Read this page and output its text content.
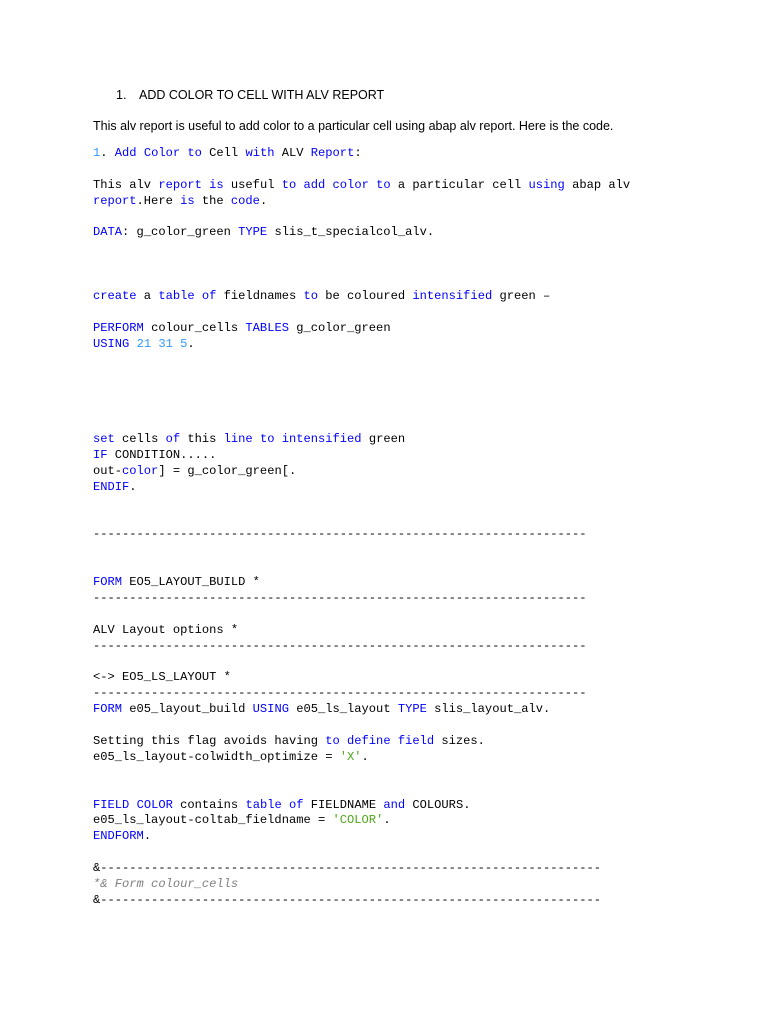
1. ADD COLOR TO CELL WITH ALV REPORT
This alv report is useful to add color to a particular cell using abap alv report. Here is the code.
1. Add Color to Cell with ALV Report:

This alv report is useful to add color to a particular cell using abap alv
report.Here is the code.

DATA: g_color_green TYPE slis_t_specialcol_alv.

create a table of fieldnames to be coloured intensified green –

PERFORM colour_cells TABLES g_color_green
USING 21 31 5.

set cells of this line to intensified green
IF CONDITION.....
out-color] = g_color_green[.
ENDIF.

--------------------------------------------------------------------

FORM EO5_LAYOUT_BUILD *
--------------------------------------------------------------------

ALV Layout options *
--------------------------------------------------------------------

<-> EO5_LS_LAYOUT *
--------------------------------------------------------------------
FORM e05_layout_build USING e05_ls_layout TYPE slis_layout_alv.

Setting this flag avoids having to define field sizes.
e05_ls_layout-colwidth_optimize = 'X'.

FIELD COLOR contains table of FIELDNAME and COLOURS.
e05_ls_layout-coltab_fieldname = 'COLOR'.
ENDFORM.

&---------------------------------------------------------------------
*& Form colour_cells
&---------------------------------------------------------------------
